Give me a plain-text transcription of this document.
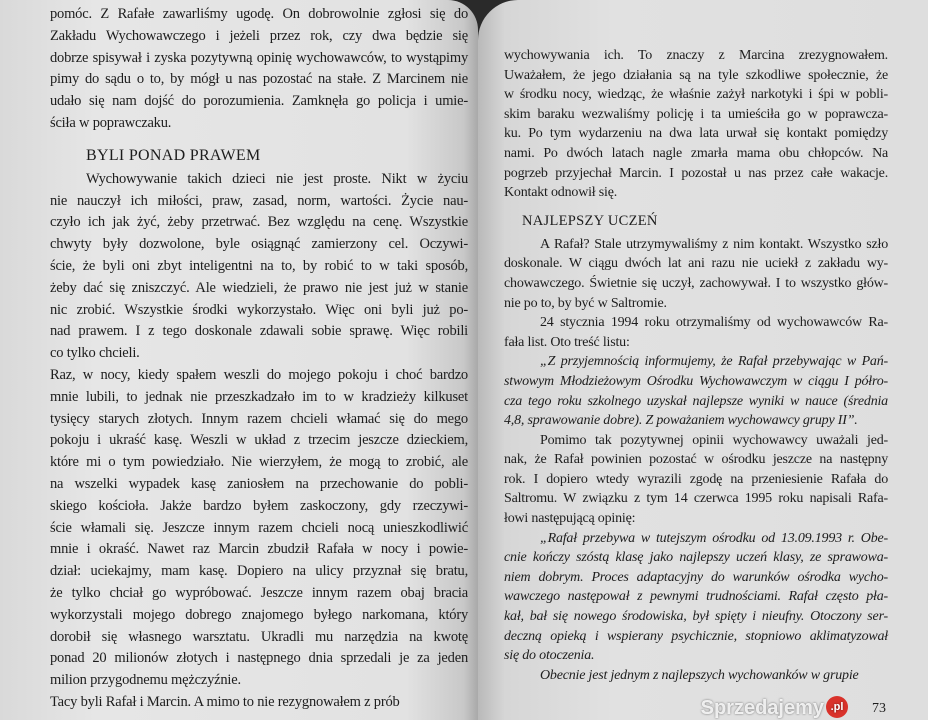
pomóc. Z Rafałe zawarliśmy ugodę. On dobrowolnie zgłosi się do
Zakładu Wychowawczego i jeżeli przez rok, czy dwa będzie się
dobrze spisywał i zyska pozytywną opinię wychowawców, to wystąpimy
pimy do sądu o to, by mógł u nas pozostać na stałe. Z Marcinem nie
udało się nam dojść do porozumienia. Zamknęła go policja i umie-
ściła w poprawczaku.
BYLI PONAD PRAWEM
Wychowywanie takich dzieci nie jest proste. Nikt w życiu
nie nauczył ich miłości, praw, zasad, norm, wartości. Życie nau-
czyło ich jak żyć, żeby przetrwać. Bez względu na cenę. Wszystkie
chwyty były dozwolone, byle osiągnąć zamierzony cel. Oczywi-
ście, że byli oni zbyt inteligentni na to, by robić to w taki sposób,
żeby dać się zniszczyć. Ale wiedzieli, że prawo nie jest już w stanie
nic zrobić. Wszystkie środki wykorzystało. Więc oni byli już po-
nad prawem. I z tego doskonale zdawali sobie sprawę. Więc robili
co tylko chcieli.
Raz, w nocy, kiedy spałem weszli do mojego pokoju i choć bardzo
mnie lubili, to jednak nie przeszkadzało im to w kradzieży kilkuset
tysięcy starych złotych. Innym razem chcieli włamać się do mego
pokoju i ukraść kasę. Weszli w układ z trzecim jeszcze dzieckiem,
które mi o tym powiedziało. Nie wierzyłem, że mogą to zrobić, ale
na wszelki wypadek kasę zaniosłem na przechowanie do pobli-
skiego kościoła. Jakże bardzo byłem zaskoczony, gdy rzeczywi-
ście włamali się. Jeszcze innym razem chcieli nocą unieszkodliwić
mnie i okraść. Nawet raz Marcin zbudził Rafała w nocy i powie-
dział: uciekajmy, mam kasę. Dopiero na ulicy przyznał się bratu,
że tylko chciał go wypróbować. Jeszcze innym razem obaj bracia
wykorzystali mojego dobrego znajomego byłego narkomana, który
dorobił się własnego warsztatu. Ukradli mu narzędzia na kwotę
ponad 20 milionów złotych i następnego dnia sprzedali je za jeden
milion przygodnemu mężczyźnie.
Tacy byli Rafał i Marcin. A mimo to nie rezygnowałem z prób
wychowywania ich. To znaczy z Marcina zrezygnowałem.
Uważałem, że jego działania są na tyle szkodliwe społecznie, że
w środku nocy, wiedząc, że właśnie zażył narkotyki i śpi w pobli-
skim baraku wezwaliśmy policję i ta umieściła go w poprawcza-
ku. Po tym wydarzeniu na dwa lata urwał się kontakt pomiędzy
nami. Po dwóch latach nagle zmarła mama obu chłopców. Na
pogrzeb przyjechał Marcin. I pozostał u nas przez całe wakacje.
Kontakt odnowił się.
NAJLEPSZY UCZEŃ
A Rafał? Stale utrzymywaliśmy z nim kontakt. Wszystko szło
doskonale. W ciągu dwóch lat ani razu nie uciekł z zakładu wy-
chowawczego. Świetnie się uczył, zachowywał. I to wszystko głów-
nie po to, by być w Saltromie.
24 stycznia 1994 roku otrzymaliśmy od wychowawców Ra-
fała list. Oto treść listu:
„Z przyjemnością informujemy, że Rafał przebywając w Pań-
stwowym Młodzieżowym Ośrodku Wychowawczym w ciągu I półro-
cza tego roku szkolnego uzyskał najlepsze wyniki w nauce (średnia
4,8, sprawowanie dobre). Z poważaniem wychowawcy grupy II”.
Pomimo tak pozytywnej opinii wychowawcy uważali jed-
nak, że Rafał powinien pozostać w ośrodku jeszcze na następny
rok. I dopiero wtedy wyrazili zgodę na przeniesienie Rafała do
Saltromu. W związku z tym 14 czerwca 1995 roku napisali Rafa-
łowi następującą opinię:
„Rafał przebywa w tutejszym ośrodku od 13.09.1993 r. Obe-
cnie kończy szóstą klasę jako najlepszy uczeń klasy, ze sprawowa-
niem dobrym. Proces adaptacyjny do warunków ośrodka wycho-
wawczego następował z pewnymi trudnościami. Rafał często pła-
kał, bał się nowego środowiska, był spięty i nieufny. Otoczony ser-
deczną opieką i wspierany psychicznie, stopniowo aklimatyzował
się do otoczenia.
Obecnie jest jednym z najlepszych wychowanków w grupie
73
Sprzedajemy .pl
